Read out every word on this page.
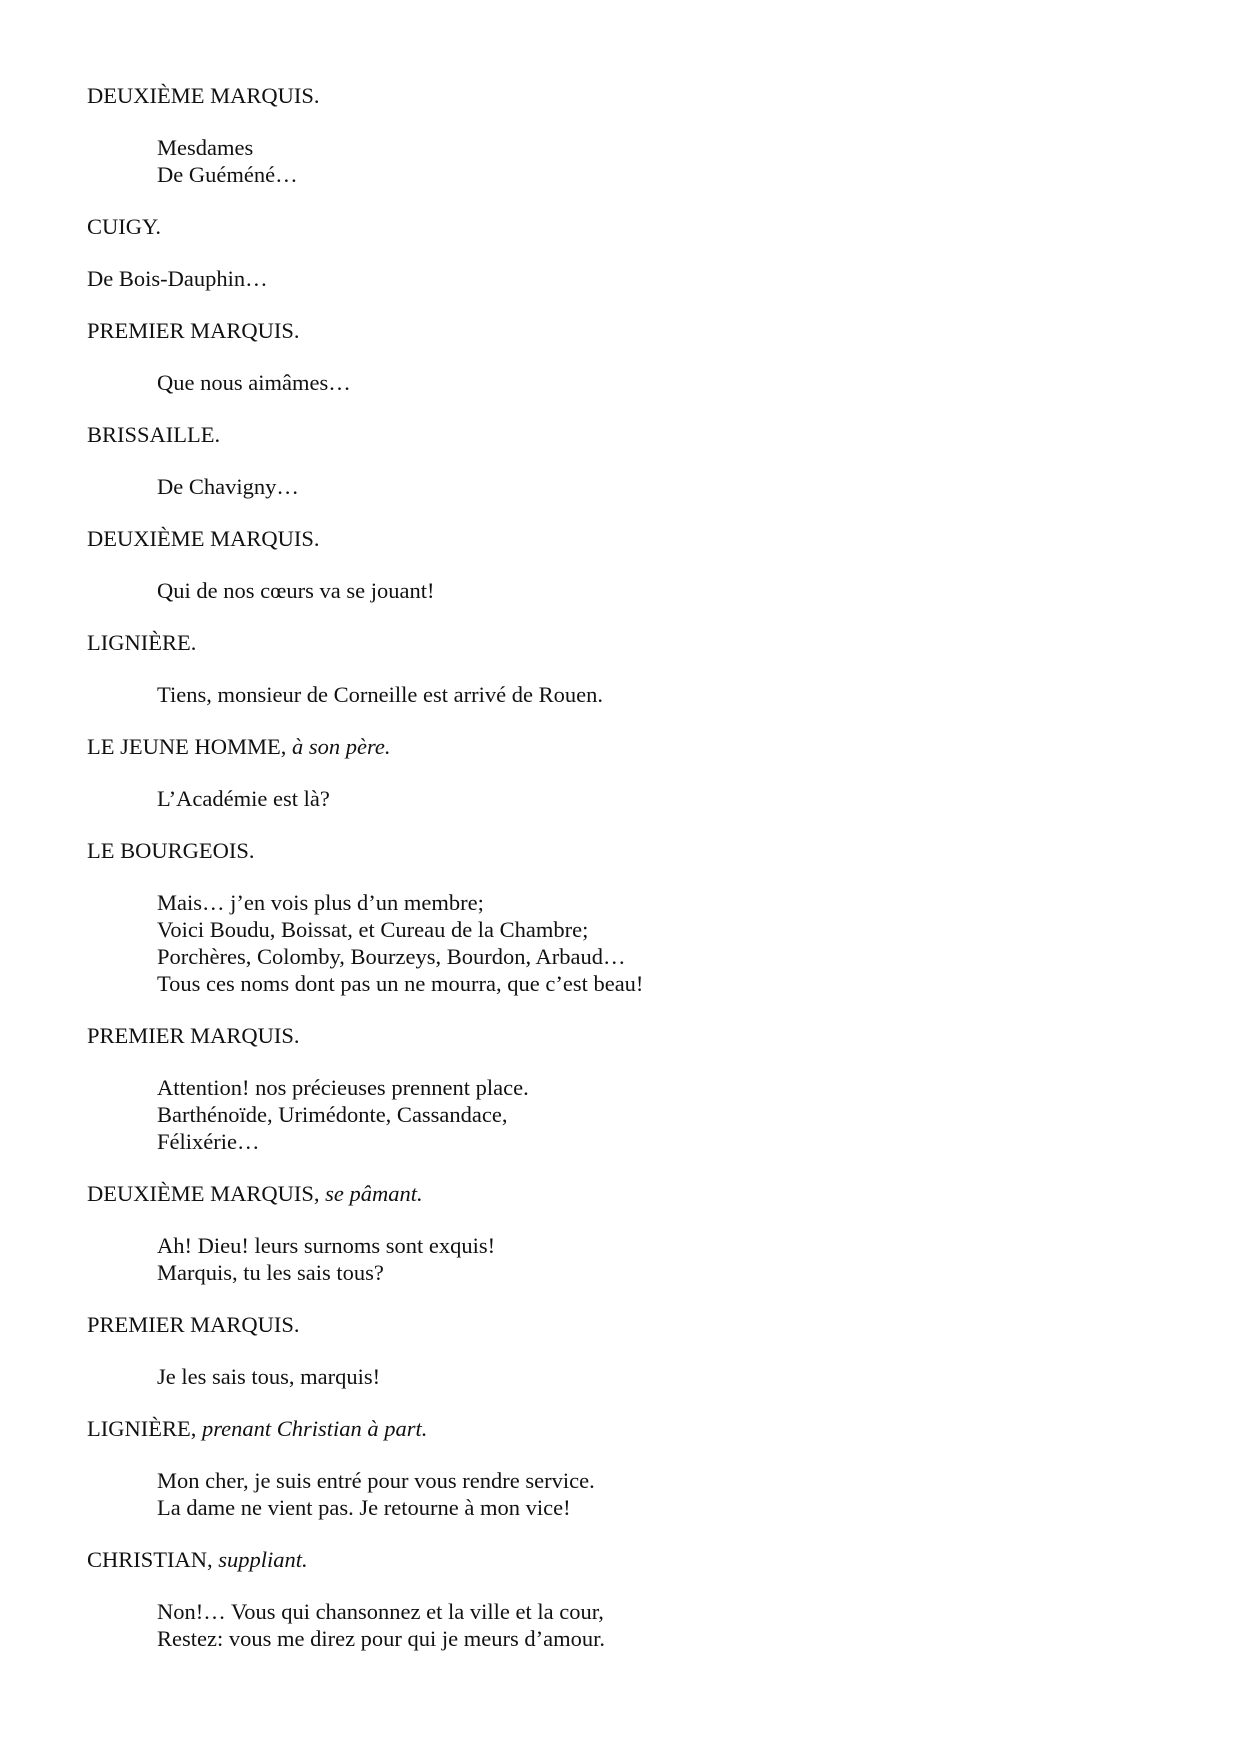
DEUXIÈME MARQUIS.

Mesdames
De Guéméné…

CUIGY.

De Bois-Dauphin…

PREMIER MARQUIS.

Que nous aimâmes…

BRISSAILLE.

De Chavigny…

DEUXIÈME MARQUIS.

Qui de nos cœurs va se jouant!

LIGNIÈRE.

Tiens, monsieur de Corneille est arrivé de Rouen.

LE JEUNE HOMME, à son père.

L’Académie est là?

LE BOURGEOIS.

Mais… j’en vois plus d’un membre;
Voici Boudu, Boissat, et Cureau de la Chambre;
Porchères, Colomby, Bourzeys, Bourdon, Arbaud…
Tous ces noms dont pas un ne mourra, que c’est beau!

PREMIER MARQUIS.

Attention! nos précieuses prennent place.
Barthénoïde, Urimédonte, Cassandace,
Félixérie…

DEUXIÈME MARQUIS, se pâmant.

Ah! Dieu! leurs surnoms sont exquis!
Marquis, tu les sais tous?

PREMIER MARQUIS.

Je les sais tous, marquis!

LIGNIÈRE, prenant Christian à part.

Mon cher, je suis entré pour vous rendre service.
La dame ne vient pas. Je retourne à mon vice!

CHRISTIAN, suppliant.

Non!… Vous qui chansonnez et la ville et la cour,
Restez: vous me direz pour qui je meurs d’amour.
